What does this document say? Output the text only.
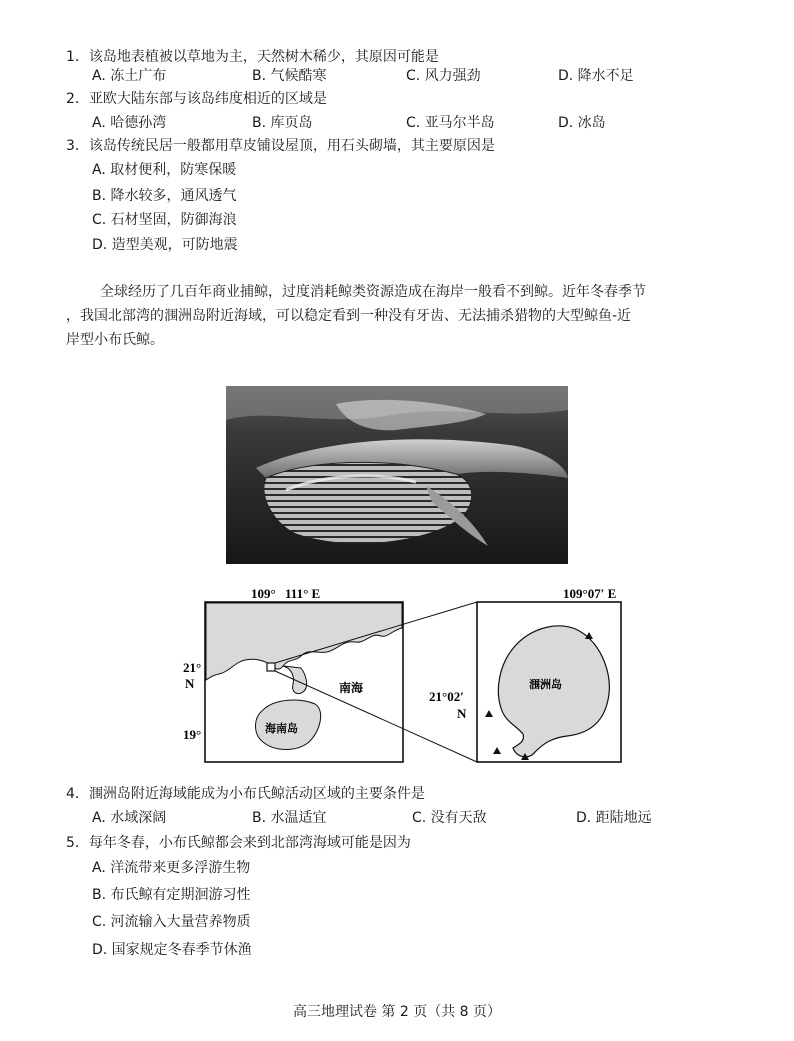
1．该岛地表植被以草地为主，天然树木稀少，其原因可能是
A. 冻土广布	B. 气候酷寒	C. 风力强劲	D. 降水不足
2．亚欧大陆东部与该岛纬度相近的区域是
A. 哈德孙湾	B. 库页岛	C. 亚马尔半岛	D. 冰岛
3．该岛传统民居一般都用草皮铺设屋顶，用石头砌墙，其主要原因是
A. 取材便利，防寒保暖
B. 降水较多，通风透气
C. 石材坚固，防御海浪
D. 造型美观，可防地震
全球经历了几百年商业捕鲸，过度消耗鲸类资源造成在海岸一般看不到鲸。近年冬春季节
，我国北部湾的涠洲岛附近海域，可以稳定看到一种没有牙齿、无法捕杀猎物的大型鲸鱼-近
岸型小布氏鲸。
109° 111° E
21°
N
19°
南海
海南岛
109°07′ E
21°02′
N
涠洲岛
4．涠洲岛附近海域能成为小布氏鲸活动区域的主要条件是
A. 水域深阔	B. 水温适宜	C. 没有天敌	D. 距陆地远
5．每年冬春，小布氏鲸都会来到北部湾海域可能是因为
A. 洋流带来更多浮游生物
B. 布氏鲸有定期洄游习性
C. 河流输入大量营养物质
D. 国家规定冬春季节休渔
高三地理试卷 第 2 页（共 8 页）
